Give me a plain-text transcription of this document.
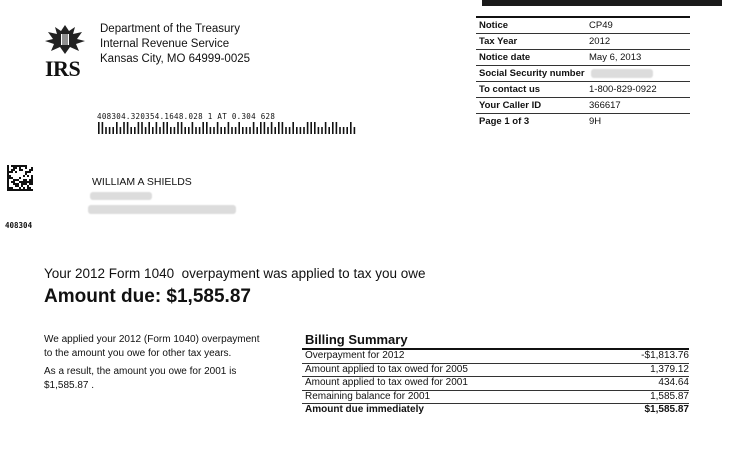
IRS
Department of the Treasury
Internal Revenue Service
Kansas City, MO 64999-0025
408304.320354.1648.028 1 AT 0.304 628
408304
WILLIAM A SHIELDS
Notice	CP49
Tax Year	2012
Notice date	May 6, 2013
Social Security number
To contact us	1-800-829-0922
Your Caller ID	366617
Page 1 of 3	9H
Your 2012 Form 1040  overpayment was applied to tax you owe
Amount due: $1,585.87

We applied your 2012 (Form 1040) overpayment to the amount you owe for other tax years.

As a result, the amount you owe for 2001 is $1,585.87 .

Billing Summary
Overpayment for 2012	-$1,813.76
Amount applied to tax owed for 2005	1,379.12
Amount applied to tax owed for 2001	434.64
Remaining balance for 2001	1,585.87
Amount due immediately	$1,585.87
